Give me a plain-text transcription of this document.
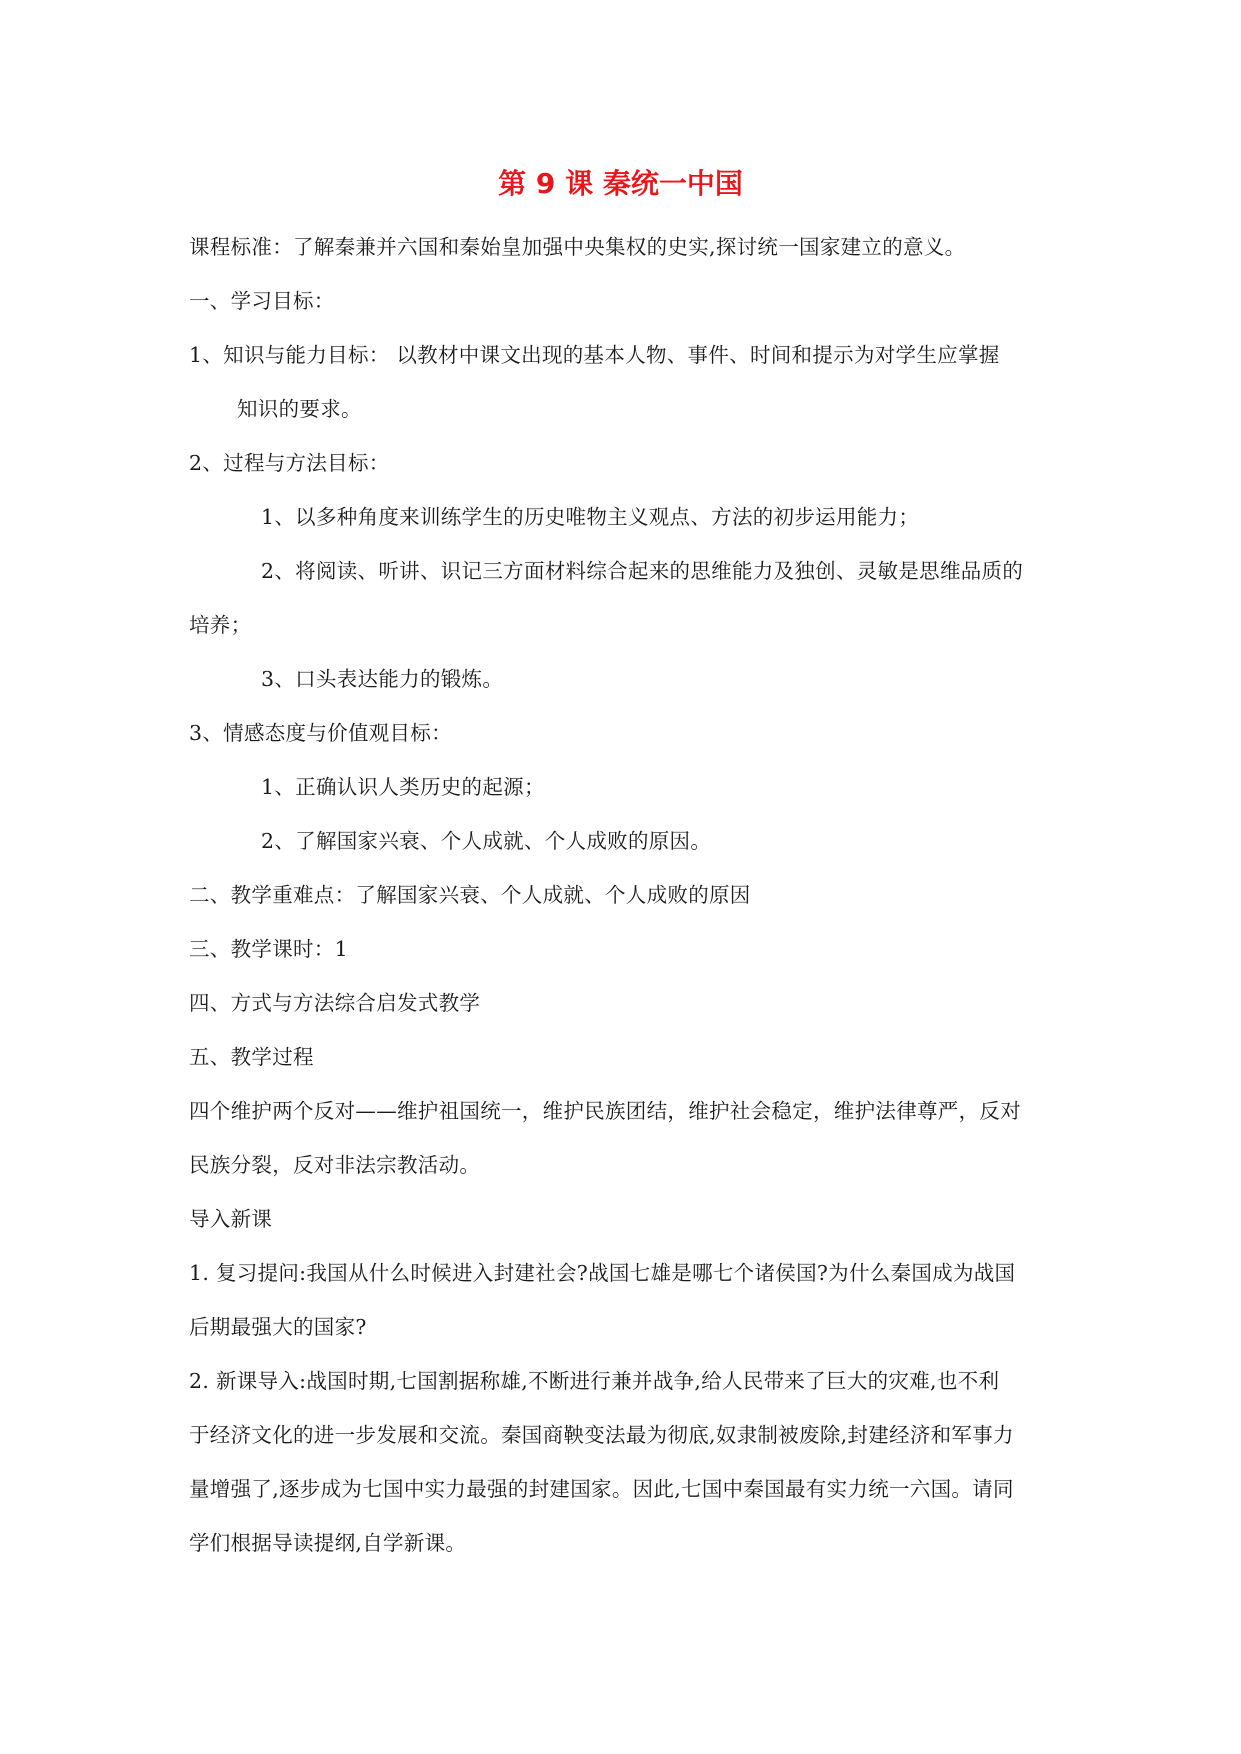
第 9 课 秦统一中国
课程标准：了解秦兼并六国和秦始皇加强中央集权的史实,探讨统一国家建立的意义。
一、学习目标：
1、知识与能力目标： 以教材中课文出现的基本人物、事件、时间和提示为对学生应掌握
知识的要求。
2、过程与方法目标：
1、以多种角度来训练学生的历史唯物主义观点、方法的初步运用能力；
2、将阅读、听讲、识记三方面材料综合起来的思维能力及独创、灵敏是思维品质的
培养；
3、口头表达能力的锻炼。
3、情感态度与价值观目标：
1、正确认识人类历史的起源；
2、了解国家兴衰、个人成就、个人成败的原因。
二、教学重难点：了解国家兴衰、个人成就、个人成败的原因
三、教学课时：1
四、方式与方法综合启发式教学
五、教学过程
四个维护两个反对——维护祖国统一，维护民族团结，维护社会稳定，维护法律尊严，反对
民族分裂，反对非法宗教活动。
导入新课
1. 复习提问:我国从什么时候进入封建社会?战国七雄是哪七个诸侯国?为什么秦国成为战国
后期最强大的国家?
2. 新课导入:战国时期,七国割据称雄,不断进行兼并战争,给人民带来了巨大的灾难,也不利
于经济文化的进一步发展和交流。秦国商鞅变法最为彻底,奴隶制被废除,封建经济和军事力
量增强了,逐步成为七国中实力最强的封建国家。因此,七国中秦国最有实力统一六国。请同
学们根据导读提纲,自学新课。
